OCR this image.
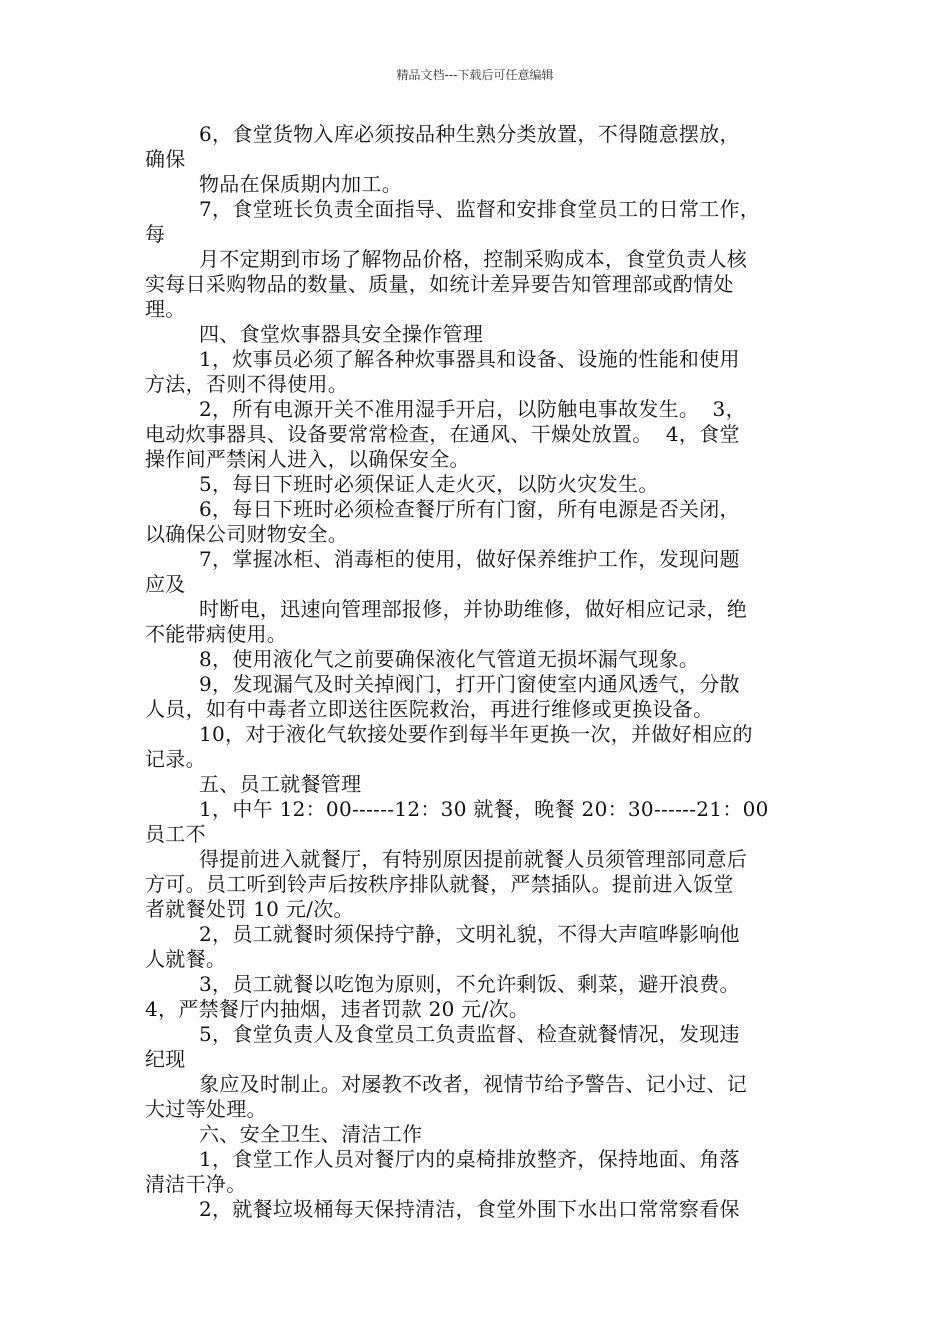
精品文档---下载后可任意编辑
6，食堂货物入库必须按品种生熟分类放置，不得随意摆放，
确保
物品在保质期内加工。
7，食堂班长负责全面指导、监督和安排食堂员工的日常工作，
每
月不定期到市场了解物品价格，控制采购成本，食堂负责人核
实每日采购物品的数量、质量，如统计差异要告知管理部或酌情处
理。
四、食堂炊事器具安全操作管理
1，炊事员必须了解各种炊事器具和设备、设施的性能和使用
方法，否则不得使用。
2，所有电源开关不准用湿手开启，以防触电事故发生。  3，
电动炊事器具、设备要常常检查，在通风、干燥处放置。  4，食堂
操作间严禁闲人进入，以确保安全。
5，每日下班时必须保证人走火灭，以防火灾发生。
6，每日下班时必须检查餐厅所有门窗，所有电源是否关闭，
以确保公司财物安全。
7，掌握冰柜、消毒柜的使用，做好保养维护工作，发现问题
应及
时断电，迅速向管理部报修，并协助维修，做好相应记录，绝
不能带病使用。
8，使用液化气之前要确保液化气管道无损坏漏气现象。
9，发现漏气及时关掉阀门，打开门窗使室内通风透气，分散
人员，如有中毒者立即送往医院救治，再进行维修或更换设备。
10，对于液化气软接处要作到每半年更换一次，并做好相应的
记录。
五、员工就餐管理
1，中午 12：00------12：30 就餐，晚餐 20：30------21：00
员工不
得提前进入就餐厅，有特别原因提前就餐人员须管理部同意后
方可。员工听到铃声后按秩序排队就餐，严禁插队。提前进入饭堂
者就餐处罚 10 元/次。
2，员工就餐时须保持宁静，文明礼貌，不得大声喧哗影响他
人就餐。
3，员工就餐以吃饱为原则，不允许剩饭、剩菜，避开浪费。
4，严禁餐厅内抽烟，违者罚款 20 元/次。
5，食堂负责人及食堂员工负责监督、检查就餐情况，发现违
纪现
象应及时制止。对屡教不改者，视情节给予警告、记小过、记
大过等处理。
六、安全卫生、清洁工作
1，食堂工作人员对餐厅内的桌椅排放整齐，保持地面、角落
清洁干净。
2，就餐垃圾桶每天保持清洁，食堂外围下水出口常常察看保
